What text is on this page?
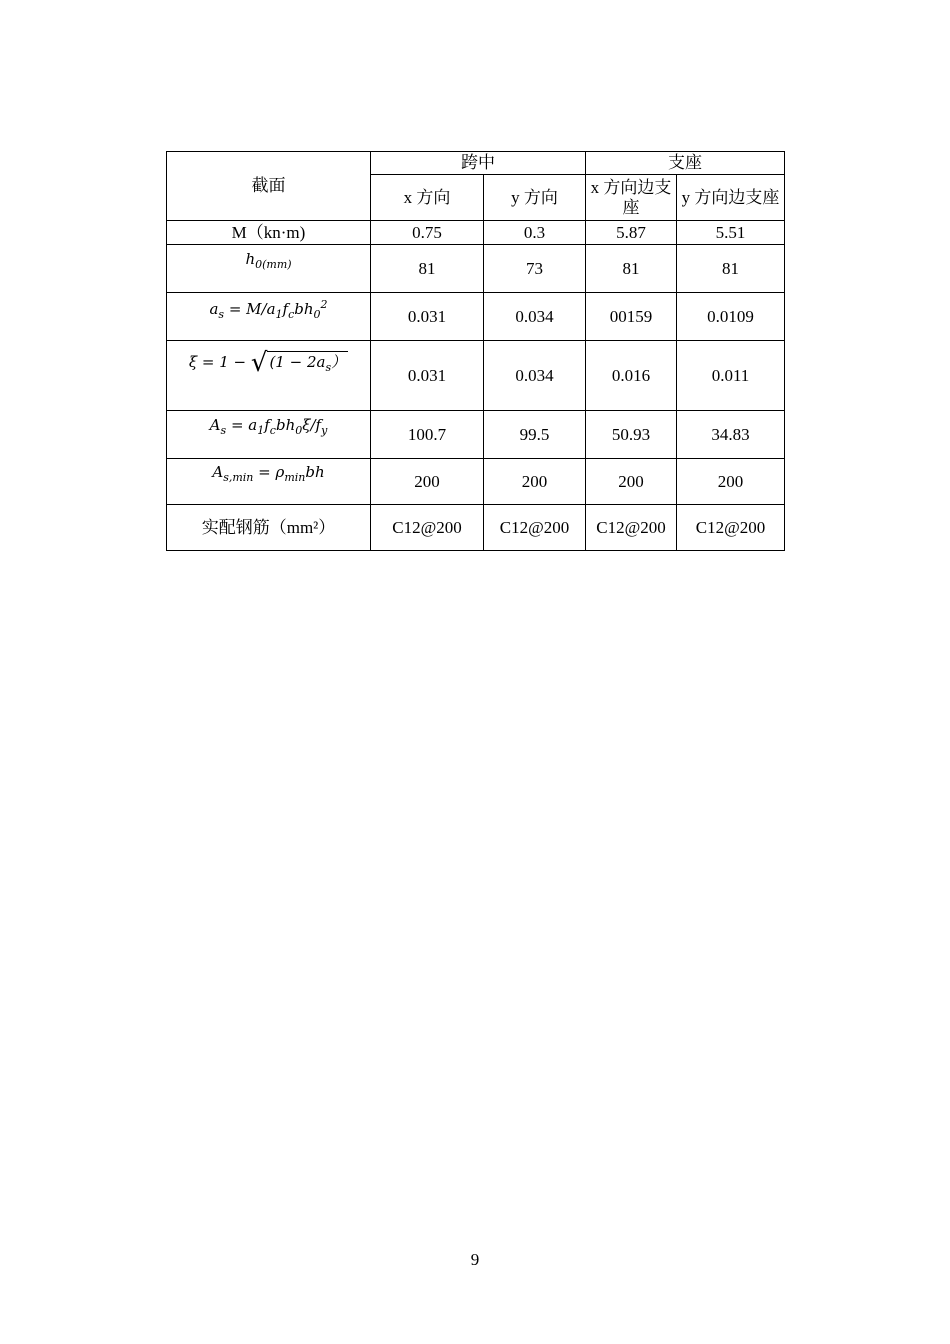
截面	跨中		支座	
	x 方向	y 方向	x 方向边支座	y 方向边支座
M（kn·m)	0.75	0.3	5.87	5.51

$h_{0(mm)}$	81	73	81	81

$a_s = M/a_1f_cbh_0^2$	0.031	0.034	00159	0.0109

ξ = 1 − √ $(1 - 2a_s)$	0.031	0.034	0.016	0.011

$A_s = a_1f_cbh_0\xi/f_y$	100.7	99.5	50.93	34.83

$A_{s,min} = \rho_{min}bh$	200	200	200	200
实配钢筋（mm²）	C12@200	C12@200	C12@200	C12@200
9
